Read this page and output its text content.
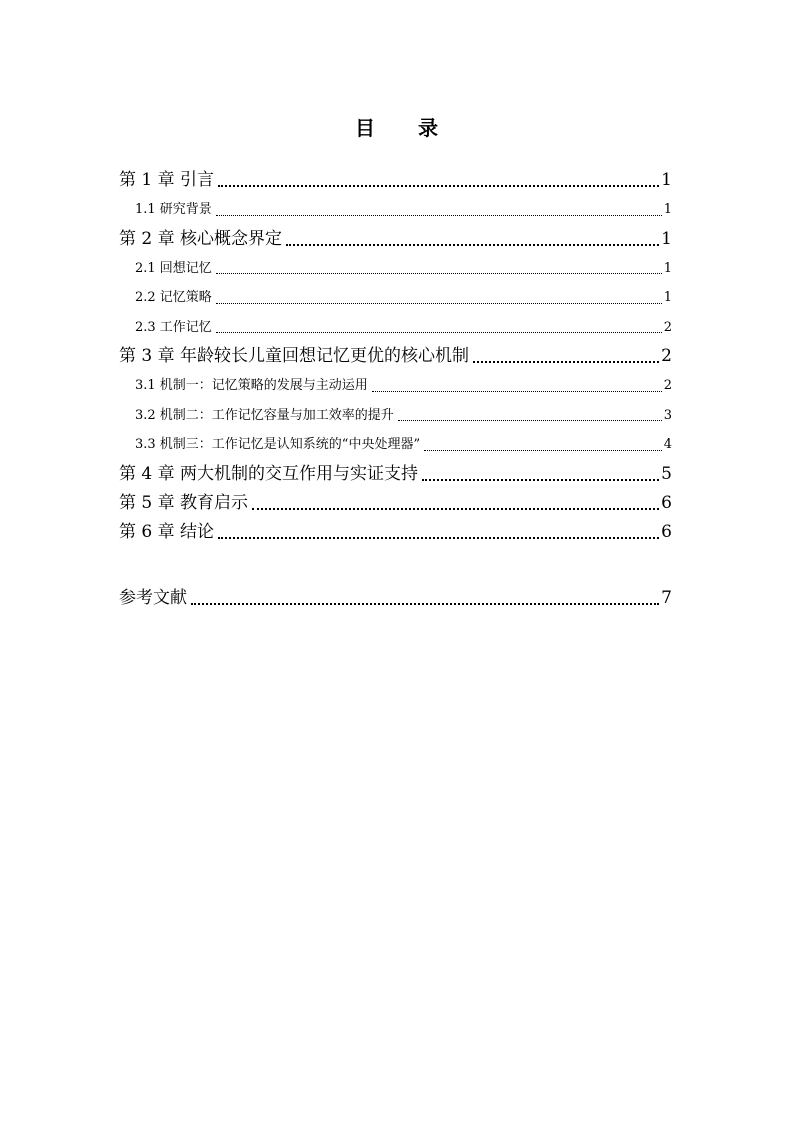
目 录
第 1 章 引言	1
1.1 研究背景	1
第 2 章 核心概念界定	1
2.1 回想记忆	1
2.2 记忆策略	1
2.3 工作记忆	2
第 3 章 年龄较长儿童回想记忆更优的核心机制	2
3.1 机制一：记忆策略的发展与主动运用	2
3.2 机制二：工作记忆容量与加工效率的提升	3
3.3 机制三：工作记忆是认知系统的“中央处理器”	4
第 4 章 两大机制的交互作用与实证支持	5
第 5 章 教育启示	6
第 6 章 结论	6
参考文献	7
